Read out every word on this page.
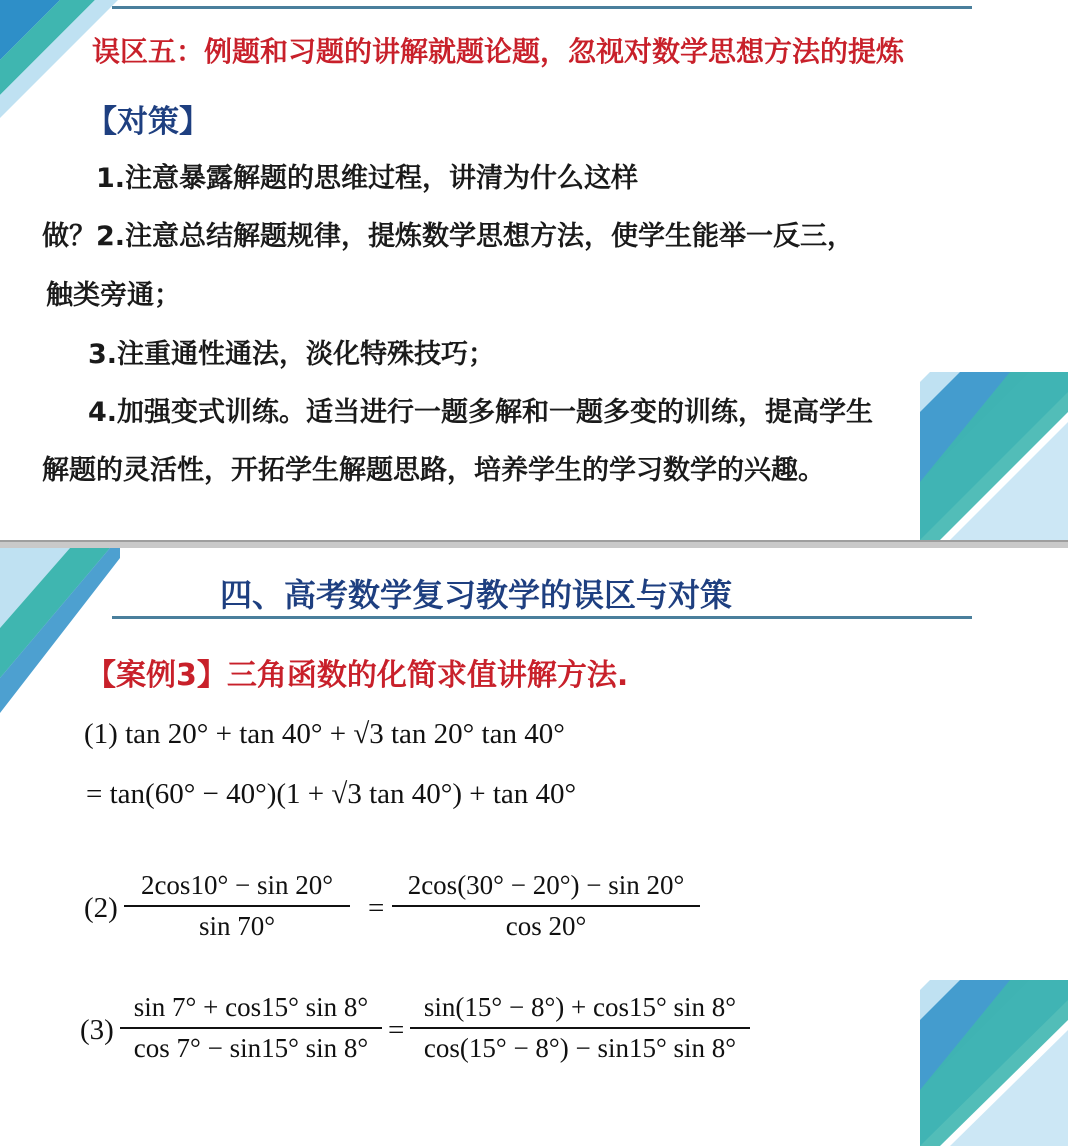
误区五：例题和习题的讲解就题论题，忽视对数学思想方法的提炼
【对策】
1.注意暴露解题的思维过程，讲清为什么这样
做？2.注意总结解题规律，提炼数学思想方法，使学生能举一反三，
触类旁通；
3.注重通性通法，淡化特殊技巧；
4.加强变式训练。适当进行一题多解和一题多变的训练，提高学生
解题的灵活性，开拓学生解题思路，培养学生的学习数学的兴趣。
四、高考数学复习教学的误区与对策
【案例3】三角函数的化简求值讲解方法.
(1) tan 20° + tan 40° + √3 tan 20° tan 40°
= tan(60° − 40°)(1 + √3 tan 40°) + tan 40°
(2)
2cos10° − sin 20°
sin 70°
=
2cos(30° − 20°) − sin 20°
cos 20°
(3)
sin 7° + cos15° sin 8°
cos 7° − sin15° sin 8°
=
sin(15° − 8°) + cos15° sin 8°
cos(15° − 8°) − sin15° sin 8°
